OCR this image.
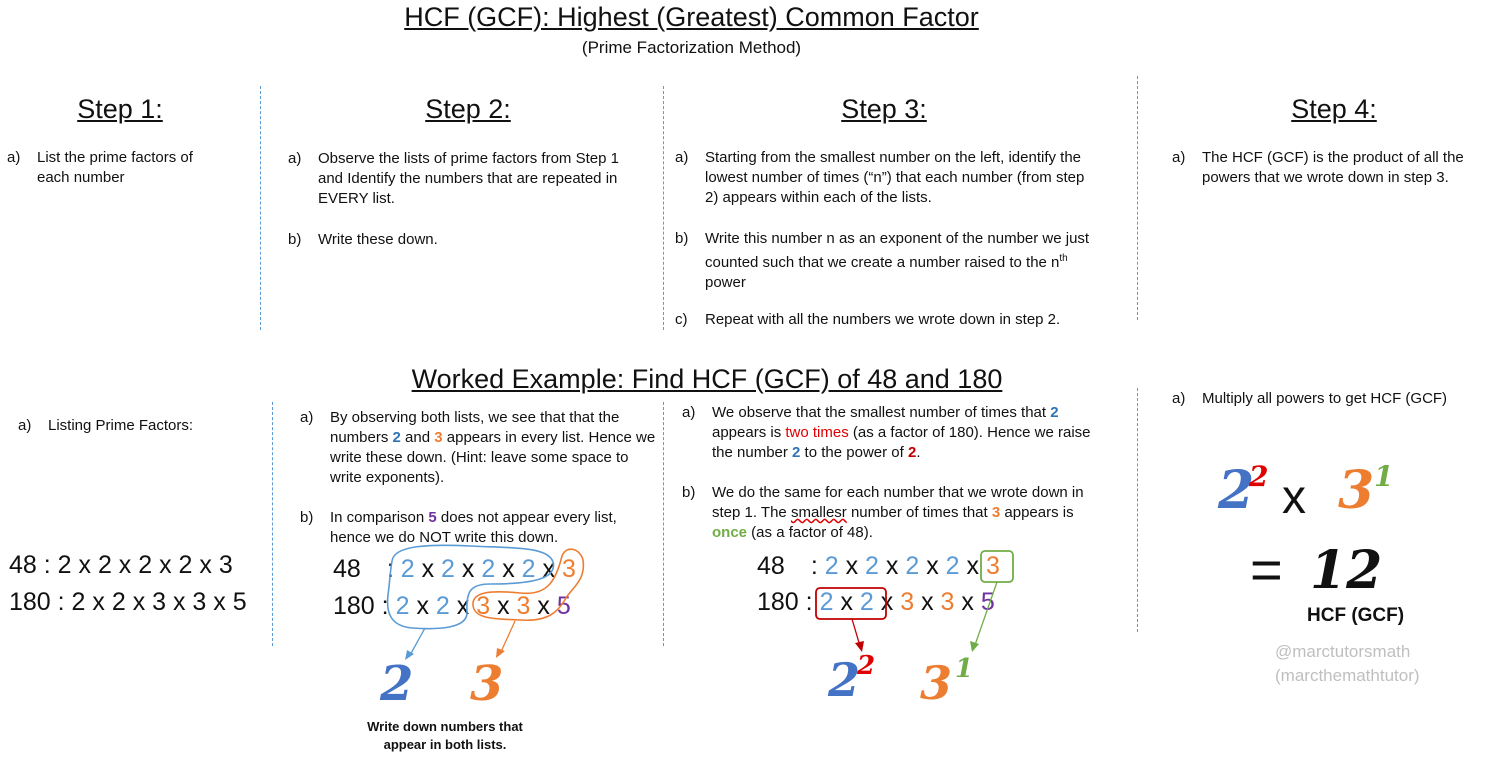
HCF (GCF): Highest (Greatest) Common Factor
(Prime Factorization Method)
Step 1:	Step 2:	Step 3:	Step 4:
a) List the prime factors of each number
a) Observe the lists of prime factors from Step 1 and Identify the numbers that are repeated in EVERY list.
b) Write these down.
a) Starting from the smallest number on the left, identify the lowest number of times (“n”) that each number (from step 2) appears within each of the lists.
b) Write this number n as an exponent of the number we just counted such that we create a number raised to the $n^{th}$ power
c) Repeat with all the numbers we wrote down in step 2.
a) The HCF (GCF) is the product of all the powers that we wrote down in step 3.
Worked Example: Find HCF (GCF) of 48 and 180
a) Listing Prime Factors:
48 : 2 x 2 x 2 x 2 x 3
180 : 2 x 2 x 3 x 3 x 5
a) By observing both lists, we see that that the numbers 2 and 3 appears in every list. Hence we write these down. (Hint: leave some space to write exponents).
b) In comparison 5 does not appear every list, hence we do NOT write this down.
48 : 2 x 2 x 2 x 2 x 3
180 : 2 x 2 x 3 x 3 x 5
2 3
Write down numbers that appear in both lists.
a) We observe that the smallest number of times that 2 appears is two times (as a factor of 180). Hence we raise the number 2 to the power of 2.
b) We do the same for each number that we wrote down in step 1. The smallesr number of times that 3 appears is once (as a factor of 48).
48 : 2 x 2 x 2 x 2 x 3
180 : 2 x 2 x 3 x 3 x 5
2
2 3 1
a) Multiply all powers to get HCF (GCF)
2
2 x 3 1
= 12
HCF (GCF)
@marctutorsmath
(marcthemathtutor)
